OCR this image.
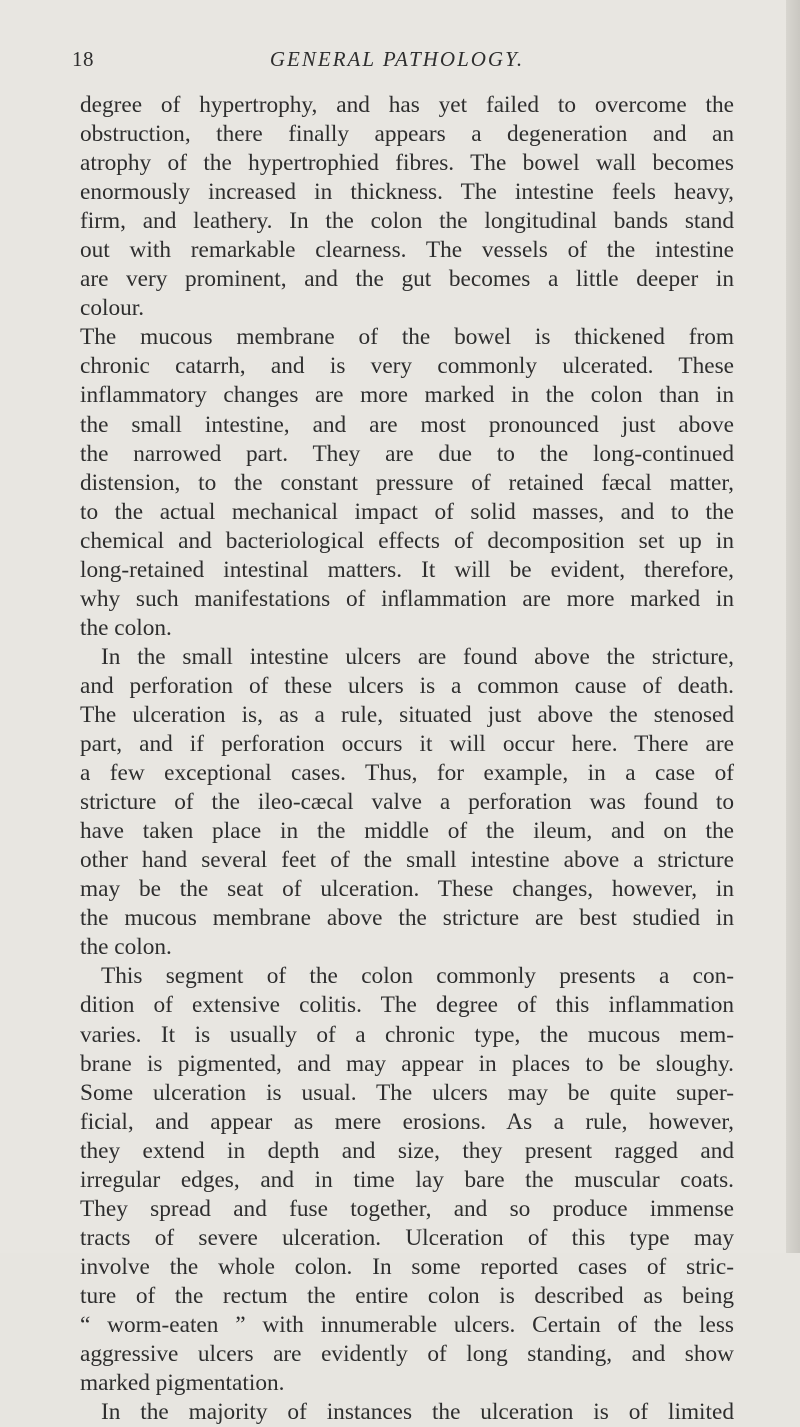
18	GENERAL PATHOLOGY.
degree of hypertrophy, and has yet failed to overcome the
obstruction, there finally appears a degeneration and an
atrophy of the hypertrophied fibres. The bowel wall becomes
enormously increased in thickness. The intestine feels heavy,
firm, and leathery. In the colon the longitudinal bands stand
out with remarkable clearness. The vessels of the intestine
are very prominent, and the gut becomes a little deeper in
colour.
The mucous membrane of the bowel is thickened from
chronic catarrh, and is very commonly ulcerated. These
inflammatory changes are more marked in the colon than in
the small intestine, and are most pronounced just above
the narrowed part. They are due to the long-continued
distension, to the constant pressure of retained fæcal matter,
to the actual mechanical impact of solid masses, and to the
chemical and bacteriological effects of decomposition set up in
long-retained intestinal matters. It will be evident, therefore,
why such manifestations of inflammation are more marked in
the colon.
In the small intestine ulcers are found above the stricture,
and perforation of these ulcers is a common cause of death.
The ulceration is, as a rule, situated just above the stenosed
part, and if perforation occurs it will occur here. There are
a few exceptional cases. Thus, for example, in a case of
stricture of the ileo-cæcal valve a perforation was found to
have taken place in the middle of the ileum, and on the
other hand several feet of the small intestine above a stricture
may be the seat of ulceration. These changes, however, in
the mucous membrane above the stricture are best studied in
the colon.
This segment of the colon commonly presents a con-
dition of extensive colitis. The degree of this inflammation
varies. It is usually of a chronic type, the mucous mem-
brane is pigmented, and may appear in places to be sloughy.
Some ulceration is usual. The ulcers may be quite super-
ficial, and appear as mere erosions. As a rule, however,
they extend in depth and size, they present ragged and
irregular edges, and in time lay bare the muscular coats.
They spread and fuse together, and so produce immense
tracts of severe ulceration. Ulceration of this type may
involve the whole colon. In some reported cases of stric-
ture of the rectum the entire colon is described as being
“ worm-eaten ” with innumerable ulcers. Certain of the less
aggressive ulcers are evidently of long standing, and show
marked pigmentation.
In the majority of instances the ulceration is of limited
